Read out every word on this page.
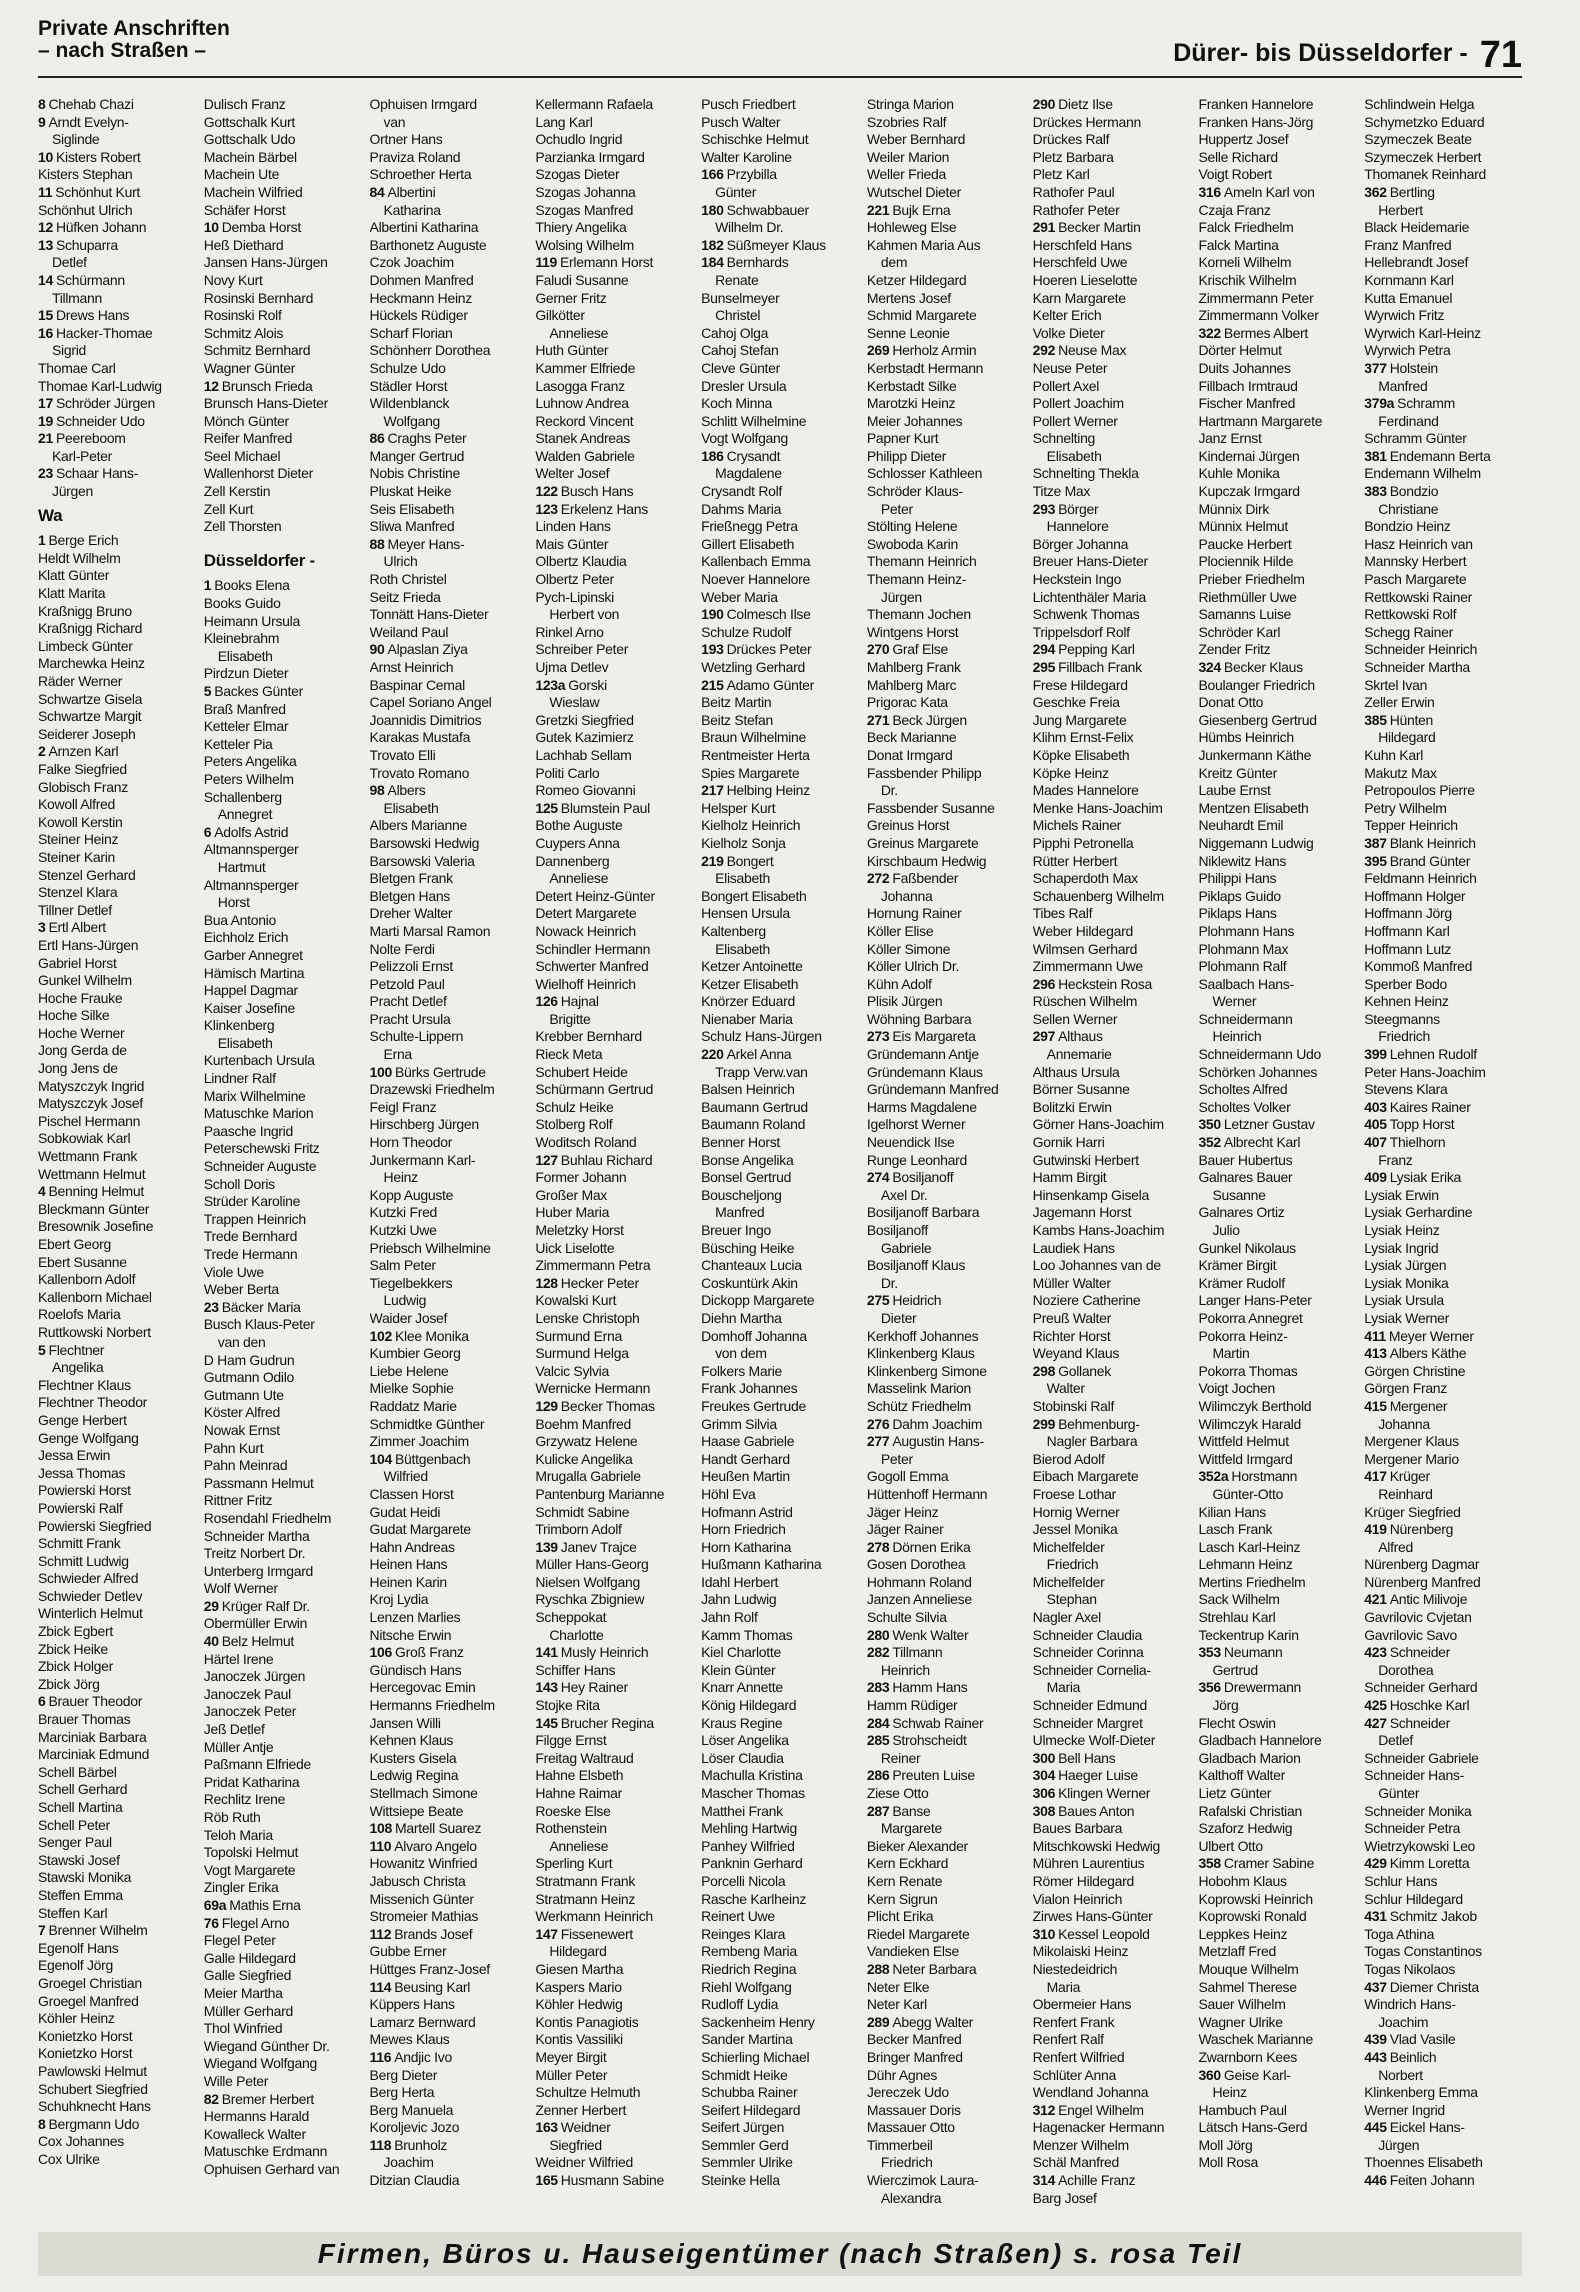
Private Anschriften
– nach Straßen –	Dürer- bis Düsseldorfer - 71
8 Chehab Chazi
9 Arndt Evelyn-
Siglinde
10 Kisters Robert
Kisters Stephan
11 Schönhut Kurt
Schönhut Ulrich
12 Hüfken Johann
13 Schuparra
Detlef
14 Schürmann
Tillmann
15 Drews Hans
16 Hacker-Thomae
Sigrid
Thomae Carl
Thomae Karl-Ludwig
17 Schröder Jürgen
19 Schneider Udo
21 Peereboom
Karl-Peter
23 Schaar Hans-
Jürgen
Wa
1 Berge Erich
Heldt Wilhelm
Klatt Günter
Klatt Marita
Kraßnigg Bruno
Kraßnigg Richard
Limbeck Günter
Marchewka Heinz
Räder Werner
Schwartze Gisela
Schwartze Margit
Seiderer Joseph
2 Arnzen Karl
Falke Siegfried
Globisch Franz
Kowoll Alfred
Kowoll Kerstin
Steiner Heinz
Steiner Karin
Stenzel Gerhard
Stenzel Klara
Tillner Detlef
3 Ertl Albert
Ertl Hans-Jürgen
Gabriel Horst
Gunkel Wilhelm
Hoche Frauke
Hoche Silke
Hoche Werner
Jong Gerda de
Jong Jens de
Matyszczyk Ingrid
Matyszczyk Josef
Pischel Hermann
Sobkowiak Karl
Wettmann Frank
Wettmann Helmut
4 Benning Helmut
Bleckmann Günter
Bresownik Josefine
Ebert Georg
Ebert Susanne
Kallenborn Adolf
Kallenborn Michael
Roelofs Maria
Ruttkowski Norbert
5 Flechtner
Angelika
Flechtner Klaus
Flechtner Theodor
Genge Herbert
Genge Wolfgang
Jessa Erwin
Jessa Thomas
Powierski Horst
Powierski Ralf
Powierski Siegfried
Schmitt Frank
Schmitt Ludwig
Schwieder Alfred
Schwieder Detlev
Winterlich Helmut
Zbick Egbert
Zbick Heike
Zbick Holger
Zbick Jörg
6 Brauer Theodor
Brauer Thomas
Marciniak Barbara
Marciniak Edmund
Schell Bärbel
Schell Gerhard
Schell Martina
Schell Peter
Senger Paul
Stawski Josef
Stawski Monika
Steffen Emma
Steffen Karl
7 Brenner Wilhelm
Egenolf Hans
Egenolf Jörg
Groegel Christian
Groegel Manfred
Köhler Heinz
Konietzko Horst
Konietzko Horst
Pawlowski Helmut
Schubert Siegfried
Schuhknecht Hans
8 Bergmann Udo
Cox Johannes
Cox Ulrike
Dulisch Franz
Gottschalk Kurt
Gottschalk Udo
Machein Bärbel
Machein Ute
Machein Wilfried
Schäfer Horst
10 Demba Horst
Heß Diethard
Jansen Hans-Jürgen
Novy Kurt
Rosinski Bernhard
Rosinski Rolf
Schmitz Alois
Schmitz Bernhard
Wagner Günter
12 Brunsch Frieda
Brunsch Hans-Dieter
Mönch Günter
Reifer Manfred
Seel Michael
Wallenhorst Dieter
Zell Kerstin
Zell Kurt
Zell Thorsten
Düsseldorfer -
1 Books Elena
Books Guido
Heimann Ursula
Kleinebrahm
Elisabeth
Pirdzun Dieter
5 Backes Günter
Braß Manfred
Ketteler Elmar
Ketteler Pia
Peters Angelika
Peters Wilhelm
Schallenberg
Annegret
6 Adolfs Astrid
Altmannsperger
Hartmut
Altmannsperger
Horst
Bua Antonio
Eichholz Erich
Garber Annegret
Hämisch Martina
Happel Dagmar
Kaiser Josefine
Klinkenberg
Elisabeth
Kurtenbach Ursula
Lindner Ralf
Marix Wilhelmine
Matuschke Marion
Paasche Ingrid
Peterschewski Fritz
Schneider Auguste
Scholl Doris
Strüder Karoline
Trappen Heinrich
Trede Bernhard
Trede Hermann
Viole Uwe
Weber Berta
23 Bäcker Maria
Busch Klaus-Peter
van den
D Ham Gudrun
Gutmann Odilo
Gutmann Ute
Köster Alfred
Nowak Ernst
Pahn Kurt
Pahn Meinrad
Passmann Helmut
Rittner Fritz
Rosendahl Friedhelm
Schneider Martha
Treitz Norbert Dr.
Unterberg Irmgard
Wolf Werner
29 Krüger Ralf Dr.
Obermüller Erwin
40 Belz Helmut
Härtel Irene
Janoczek Jürgen
Janoczek Paul
Janoczek Peter
Jeß Detlef
Müller Antje
Paßmann Elfriede
Pridat Katharina
Rechlitz Irene
Röb Ruth
Teloh Maria
Topolski Helmut
Vogt Margarete
Zingler Erika
69a Mathis Erna
76 Flegel Arno
Flegel Peter
Galle Hildegard
Galle Siegfried
Meier Martha
Müller Gerhard
Thol Winfried
Wiegand Günther Dr.
Wiegand Wolfgang
Wille Peter
82 Bremer Herbert
Hermanns Harald
Kowalleck Walter
Matuschke Erdmann
Ophuisen Gerhard van
Ophuisen Irmgard
van
Ortner Hans
Praviza Roland
Schroether Herta
84 Albertini
Katharina
Albertini Katharina
Barthonetz Auguste
Czok Joachim
Dohmen Manfred
Heckmann Heinz
Hückels Rüdiger
Scharf Florian
Schönherr Dorothea
Schulze Udo
Städler Horst
Wildenblanck
Wolfgang
86 Craghs Peter
Manger Gertrud
Nobis Christine
Pluskat Heike
Seis Elisabeth
Sliwa Manfred
88 Meyer Hans-
Ulrich
Roth Christel
Seitz Frieda
Tonnätt Hans-Dieter
Weiland Paul
90 Alpaslan Ziya
Arnst Heinrich
Baspinar Cemal
Capel Soriano Angel
Joannidis Dimitrios
Karakas Mustafa
Trovato Elli
Trovato Romano
98 Albers
Elisabeth
Albers Marianne
Barsowski Hedwig
Barsowski Valeria
Bletgen Frank
Bletgen Hans
Dreher Walter
Marti Marsal Ramon
Nolte Ferdi
Pelizzoli Ernst
Petzold Paul
Pracht Detlef
Pracht Ursula
Schulte-Lippern
Erna
100 Bürks Gertrude
Drazewski Friedhelm
Feigl Franz
Hirschberg Jürgen
Horn Theodor
Junkermann Karl-
Heinz
Kopp Auguste
Kutzki Fred
Kutzki Uwe
Priebsch Wilhelmine
Salm Peter
Tiegelbekkers
Ludwig
Waider Josef
102 Klee Monika
Kumbier Georg
Liebe Helene
Mielke Sophie
Raddatz Marie
Schmidtke Günther
Zimmer Joachim
104 Büttgenbach
Wilfried
Classen Horst
Gudat Heidi
Gudat Margarete
Hahn Andreas
Heinen Hans
Heinen Karin
Kroj Lydia
Lenzen Marlies
Nitsche Erwin
106 Groß Franz
Gündisch Hans
Hercegovac Emin
Hermanns Friedhelm
Jansen Willi
Kehnen Klaus
Kusters Gisela
Ledwig Regina
Stellmach Simone
Wittsiepe Beate
108 Martell Suarez
110 Alvaro Angelo
Howanitz Winfried
Jabusch Christa
Missenich Günter
Stromeier Mathias
112 Brands Josef
Gubbe Erner
Hüttges Franz-Josef
114 Beusing Karl
Küppers Hans
Lamarz Bernward
Mewes Klaus
116 Andjic Ivo
Berg Dieter
Berg Herta
Berg Manuela
Koroljevic Jozo
118 Brunholz
Joachim
Ditzian Claudia
Kellermann Rafaela
Lang Karl
Ochudlo Ingrid
Parzianka Irmgard
Szogas Dieter
Szogas Johanna
Szogas Manfred
Thiery Angelika
Wolsing Wilhelm
119 Erlemann Horst
Faludi Susanne
Gerner Fritz
Gilkötter
Anneliese
Huth Günter
Kammer Elfriede
Lasogga Franz
Luhnow Andrea
Reckord Vincent
Stanek Andreas
Walden Gabriele
Welter Josef
122 Busch Hans
123 Erkelenz Hans
Linden Hans
Mais Günter
Olbertz Klaudia
Olbertz Peter
Pych-Lipinski
Herbert von
Rinkel Arno
Schreiber Peter
Ujma Detlev
123a Gorski
Wieslaw
Gretzki Siegfried
Gutek Kazimierz
Lachhab Sellam
Politi Carlo
Romeo Giovanni
125 Blumstein Paul
Bothe Auguste
Cuypers Anna
Dannenberg
Anneliese
Detert Heinz-Günter
Detert Margarete
Nowack Heinrich
Schindler Hermann
Schwerter Manfred
Wielhoff Heinrich
126 Hajnal
Brigitte
Krebber Bernhard
Rieck Meta
Schubert Heide
Schürmann Gertrud
Schulz Heike
Stolberg Rolf
Woditsch Roland
127 Buhlau Richard
Former Johann
Großer Max
Huber Maria
Meletzky Horst
Uick Liselotte
Zimmermann Petra
128 Hecker Peter
Kowalski Kurt
Lenske Christoph
Surmund Erna
Surmund Helga
Valcic Sylvia
Wernicke Hermann
129 Becker Thomas
Boehm Manfred
Grzywatz Helene
Kulicke Angelika
Mrugalla Gabriele
Pantenburg Marianne
Schmidt Sabine
Trimborn Adolf
139 Janev Trajce
Müller Hans-Georg
Nielsen Wolfgang
Ryschka Zbigniew
Scheppokat
Charlotte
141 Musly Heinrich
Schiffer Hans
143 Hey Rainer
Stojke Rita
145 Brucher Regina
Filgge Ernst
Freitag Waltraud
Hahne Elsbeth
Hahne Raimar
Roeske Else
Rothenstein
Anneliese
Sperling Kurt
Stratmann Frank
Stratmann Heinz
Werkmann Heinrich
147 Fissenewert
Hildegard
Giesen Martha
Kaspers Mario
Köhler Hedwig
Kontis Panagiotis
Kontis Vassiliki
Meyer Birgit
Müller Peter
Schultze Helmuth
Zenner Herbert
163 Weidner
Siegfried
Weidner Wilfried
165 Husmann Sabine
Pusch Friedbert
Pusch Walter
Schischke Helmut
Walter Karoline
166 Przybilla
Günter
180 Schwabbauer
Wilhelm Dr.
182 Süßmeyer Klaus
184 Bernhards
Renate
Bunselmeyer
Christel
Cahoj Olga
Cahoj Stefan
Cleve Günter
Dresler Ursula
Koch Minna
Schlitt Wilhelmine
Vogt Wolfgang
186 Crysandt
Magdalene
Crysandt Rolf
Dahms Maria
Frießnegg Petra
Gillert Elisabeth
Kallenbach Emma
Noever Hannelore
Weber Maria
190 Colmesch Ilse
Schulze Rudolf
193 Drückes Peter
Wetzling Gerhard
215 Adamo Günter
Beitz Martin
Beitz Stefan
Braun Wilhelmine
Rentmeister Herta
Spies Margarete
217 Helbing Heinz
Helsper Kurt
Kielholz Heinrich
Kielholz Sonja
219 Bongert
Elisabeth
Bongert Elisabeth
Hensen Ursula
Kaltenberg
Elisabeth
Ketzer Antoinette
Ketzer Elisabeth
Knörzer Eduard
Nienaber Maria
Schulz Hans-Jürgen
220 Arkel Anna
Trapp Verw.van
Balsen Heinrich
Baumann Gertrud
Baumann Roland
Benner Horst
Bonse Angelika
Bonsel Gertrud
Bouscheljong
Manfred
Breuer Ingo
Büsching Heike
Chanteaux Lucia
Coskuntürk Akin
Dickopp Margarete
Diehn Martha
Domhoff Johanna
von dem
Folkers Marie
Frank Johannes
Freukes Gertrude
Grimm Silvia
Haase Gabriele
Handt Gerhard
Heußen Martin
Höhl Eva
Hofmann Astrid
Horn Friedrich
Horn Katharina
Hußmann Katharina
Idahl Herbert
Jahn Ludwig
Jahn Rolf
Kamm Thomas
Kiel Charlotte
Klein Günter
Knarr Annette
König Hildegard
Kraus Regine
Löser Angelika
Löser Claudia
Machulla Kristina
Mascher Thomas
Matthei Frank
Mehling Hartwig
Panhey Wilfried
Panknin Gerhard
Porcelli Nicola
Rasche Karlheinz
Reinert Uwe
Reinges Klara
Rembeng Maria
Riedrich Regina
Riehl Wolfgang
Rudloff Lydia
Sackenheim Henry
Sander Martina
Schierling Michael
Schmidt Heike
Schubba Rainer
Seifert Hildegard
Seifert Jürgen
Semmler Gerd
Semmler Ulrike
Steinke Hella
Stringa Marion
Szobries Ralf
Weber Bernhard
Weiler Marion
Weller Frieda
Wutschel Dieter
221 Bujk Erna
Hohleweg Else
Kahmen Maria Aus
dem
Ketzer Hildegard
Mertens Josef
Schmid Margarete
Senne Leonie
269 Herholz Armin
Kerbstadt Hermann
Kerbstadt Silke
Marotzki Heinz
Meier Johannes
Papner Kurt
Philipp Dieter
Schlosser Kathleen
Schröder Klaus-
Peter
Stölting Helene
Swoboda Karin
Themann Heinrich
Themann Heinz-
Jürgen
Themann Jochen
Wintgens Horst
270 Graf Else
Mahlberg Frank
Mahlberg Marc
Prigorac Kata
271 Beck Jürgen
Beck Marianne
Donat Irmgard
Fassbender Philipp
Dr.
Fassbender Susanne
Greinus Horst
Greinus Margarete
Kirschbaum Hedwig
272 Faßbender
Johanna
Hornung Rainer
Köller Elise
Köller Simone
Köller Ulrich Dr.
Kühn Adolf
Plisik Jürgen
Wöhning Barbara
273 Eis Margareta
Gründemann Antje
Gründemann Klaus
Gründemann Manfred
Harms Magdalene
Igelhorst Werner
Neuendick Ilse
Runge Leonhard
274 Bosiljanoff
Axel Dr.
Bosiljanoff Barbara
Bosiljanoff
Gabriele
Bosiljanoff Klaus
Dr.
275 Heidrich
Dieter
Kerkhoff Johannes
Klinkenberg Klaus
Klinkenberg Simone
Masselink Marion
Schütz Friedhelm
276 Dahm Joachim
277 Augustin Hans-
Peter
Gogoll Emma
Hüttenhoff Hermann
Jäger Heinz
Jäger Rainer
278 Dörnen Erika
Gosen Dorothea
Hohmann Roland
Janzen Anneliese
Schulte Silvia
280 Wenk Walter
282 Tillmann
Heinrich
283 Hamm Hans
Hamm Rüdiger
284 Schwab Rainer
285 Strohscheidt
Reiner
286 Preuten Luise
Ziese Otto
287 Banse
Margarete
Bieker Alexander
Kern Eckhard
Kern Renate
Kern Sigrun
Plicht Erika
Riedel Margarete
Vandieken Else
288 Neter Barbara
Neter Elke
Neter Karl
289 Abegg Walter
Becker Manfred
Bringer Manfred
Dühr Agnes
Jereczek Udo
Massauer Doris
Massauer Otto
Timmerbeil
Friedrich
Wierczimok Laura-
Alexandra
290 Dietz Ilse
Drückes Hermann
Drückes Ralf
Pletz Barbara
Pletz Karl
Rathofer Paul
Rathofer Peter
291 Becker Martin
Herschfeld Hans
Herschfeld Uwe
Hoeren Lieselotte
Karn Margarete
Kelter Erich
Volke Dieter
292 Neuse Max
Neuse Peter
Pollert Axel
Pollert Joachim
Pollert Werner
Schnelting
Elisabeth
Schnelting Thekla
Titze Max
293 Börger
Hannelore
Börger Johanna
Breuer Hans-Dieter
Heckstein Ingo
Lichtenthäler Maria
Schwenk Thomas
Trippelsdorf Rolf
294 Pepping Karl
295 Fillbach Frank
Frese Hildegard
Geschke Freia
Jung Margarete
Klihm Ernst-Felix
Köpke Elisabeth
Köpke Heinz
Mades Hannelore
Menke Hans-Joachim
Michels Rainer
Pipphi Petronella
Rütter Herbert
Schaperdoth Max
Schauenberg Wilhelm
Tibes Ralf
Weber Hildegard
Wilmsen Gerhard
Zimmermann Uwe
296 Heckstein Rosa
Rüschen Wilhelm
Sellen Werner
297 Althaus
Annemarie
Althaus Ursula
Börner Susanne
Bolitzki Erwin
Görner Hans-Joachim
Gornik Harri
Gutwinski Herbert
Hamm Birgit
Hinsenkamp Gisela
Jagemann Horst
Kambs Hans-Joachim
Laudiek Hans
Loo Johannes van de
Müller Walter
Noziere Catherine
Preuß Walter
Richter Horst
Weyand Klaus
298 Gollanek
Walter
Stobinski Ralf
299 Behmenburg-
Nagler Barbara
Bierod Adolf
Eibach Margarete
Froese Lothar
Hornig Werner
Jessel Monika
Michelfelder
Friedrich
Michelfelder
Stephan
Nagler Axel
Schneider Claudia
Schneider Corinna
Schneider Cornelia-
Maria
Schneider Edmund
Schneider Margret
Ulmecke Wolf-Dieter
300 Bell Hans
304 Haeger Luise
306 Klingen Werner
308 Baues Anton
Baues Barbara
Mitschkowski Hedwig
Mühren Laurentius
Römer Hildegard
Vialon Heinrich
Zirwes Hans-Günter
310 Kessel Leopold
Mikolaiski Heinz
Niestedeidrich
Maria
Obermeier Hans
Renfert Frank
Renfert Ralf
Renfert Wilfried
Schlüter Anna
Wendland Johanna
312 Engel Wilhelm
Hagenacker Hermann
Menzer Wilhelm
Schäl Manfred
314 Achille Franz
Barg Josef
Franken Hannelore
Franken Hans-Jörg
Huppertz Josef
Selle Richard
Voigt Robert
316 Ameln Karl von
Czaja Franz
Falck Friedhelm
Falck Martina
Korneli Wilhelm
Krischik Wilhelm
Zimmermann Peter
Zimmermann Volker
322 Bermes Albert
Dörter Helmut
Duits Johannes
Fillbach Irmtraud
Fischer Manfred
Hartmann Margarete
Janz Ernst
Kindernai Jürgen
Kuhle Monika
Kupczak Irmgard
Münnix Dirk
Münnix Helmut
Paucke Herbert
Plociennik Hilde
Prieber Friedhelm
Riethmüller Uwe
Samanns Luise
Schröder Karl
Zender Fritz
324 Becker Klaus
Boulanger Friedrich
Donat Otto
Giesenberg Gertrud
Hümbs Heinrich
Junkermann Käthe
Kreitz Günter
Laube Ernst
Mentzen Elisabeth
Neuhardt Emil
Niggemann Ludwig
Niklewitz Hans
Philippi Hans
Piklaps Guido
Piklaps Hans
Plohmann Hans
Plohmann Max
Plohmann Ralf
Saalbach Hans-
Werner
Schneidermann
Heinrich
Schneidermann Udo
Schörken Johannes
Scholtes Alfred
Scholtes Volker
350 Letzner Gustav
352 Albrecht Karl
Bauer Hubertus
Galnares Bauer
Susanne
Galnares Ortiz
Julio
Gunkel Nikolaus
Krämer Birgit
Krämer Rudolf
Langer Hans-Peter
Pokorra Annegret
Pokorra Heinz-
Martin
Pokorra Thomas
Voigt Jochen
Wilimczyk Berthold
Wilimczyk Harald
Wittfeld Helmut
Wittfeld Irmgard
352a Horstmann
Günter-Otto
Kilian Hans
Lasch Frank
Lasch Karl-Heinz
Lehmann Heinz
Mertins Friedhelm
Sack Wilhelm
Strehlau Karl
Teckentrup Karin
353 Neumann
Gertrud
356 Drewermann
Jörg
Flecht Oswin
Gladbach Hannelore
Gladbach Marion
Kalthoff Walter
Lietz Günter
Rafalski Christian
Szaforz Hedwig
Ulbert Otto
358 Cramer Sabine
Hobohm Klaus
Koprowski Heinrich
Koprowski Ronald
Leppkes Heinz
Metzlaff Fred
Mouque Wilhelm
Sahmel Therese
Sauer Wilhelm
Wagner Ulrike
Waschek Marianne
Zwarnborn Kees
360 Geise Karl-
Heinz
Hambuch Paul
Lätsch Hans-Gerd
Moll Jörg
Moll Rosa
Schlindwein Helga
Schymetzko Eduard
Szymeczek Beate
Szymeczek Herbert
Thomanek Reinhard
362 Bertling
Herbert
Black Heidemarie
Franz Manfred
Hellebrandt Josef
Kornmann Karl
Kutta Emanuel
Wyrwich Fritz
Wyrwich Karl-Heinz
Wyrwich Petra
377 Holstein
Manfred
379a Schramm
Ferdinand
Schramm Günter
381 Endemann Berta
Endemann Wilhelm
383 Bondzio
Christiane
Bondzio Heinz
Hasz Heinrich van
Mannsky Herbert
Pasch Margarete
Rettkowski Rainer
Rettkowski Rolf
Schegg Rainer
Schneider Heinrich
Schneider Martha
Skrtel Ivan
Zeller Erwin
385 Hünten
Hildegard
Kuhn Karl
Makutz Max
Petropoulos Pierre
Petry Wilhelm
Tepper Heinrich
387 Blank Heinrich
395 Brand Günter
Feldmann Heinrich
Hoffmann Holger
Hoffmann Jörg
Hoffmann Karl
Hoffmann Lutz
Kommoß Manfred
Sperber Bodo
Kehnen Heinz
Steegmanns
Friedrich
399 Lehnen Rudolf
Peter Hans-Joachim
Stevens Klara
403 Kaires Rainer
405 Topp Horst
407 Thielhorn
Franz
409 Lysiak Erika
Lysiak Erwin
Lysiak Gerhardine
Lysiak Heinz
Lysiak Ingrid
Lysiak Jürgen
Lysiak Monika
Lysiak Ursula
Lysiak Werner
411 Meyer Werner
413 Albers Käthe
Görgen Christine
Görgen Franz
415 Mergener
Johanna
Mergener Klaus
Mergener Mario
417 Krüger
Reinhard
Krüger Siegfried
419 Nürenberg
Alfred
Nürenberg Dagmar
Nürenberg Manfred
421 Antic Milivoje
Gavrilovic Cvjetan
Gavrilovic Savo
423 Schneider
Dorothea
Schneider Gerhard
425 Hoschke Karl
427 Schneider
Detlef
Schneider Gabriele
Schneider Hans-
Günter
Schneider Monika
Schneider Petra
Wietrzykowski Leo
429 Kimm Loretta
Schlur Hans
Schlur Hildegard
431 Schmitz Jakob
Toga Athina
Togas Constantinos
Togas Nikolaos
437 Diemer Christa
Windrich Hans-
Joachim
439 Vlad Vasile
443 Beinlich
Norbert
Klinkenberg Emma
Werner Ingrid
445 Eickel Hans-
Jürgen
Thoennes Elisabeth
446 Feiten Johann
Firmen, Büros u. Hauseigentümer (nach Straßen) s. rosa Teil
